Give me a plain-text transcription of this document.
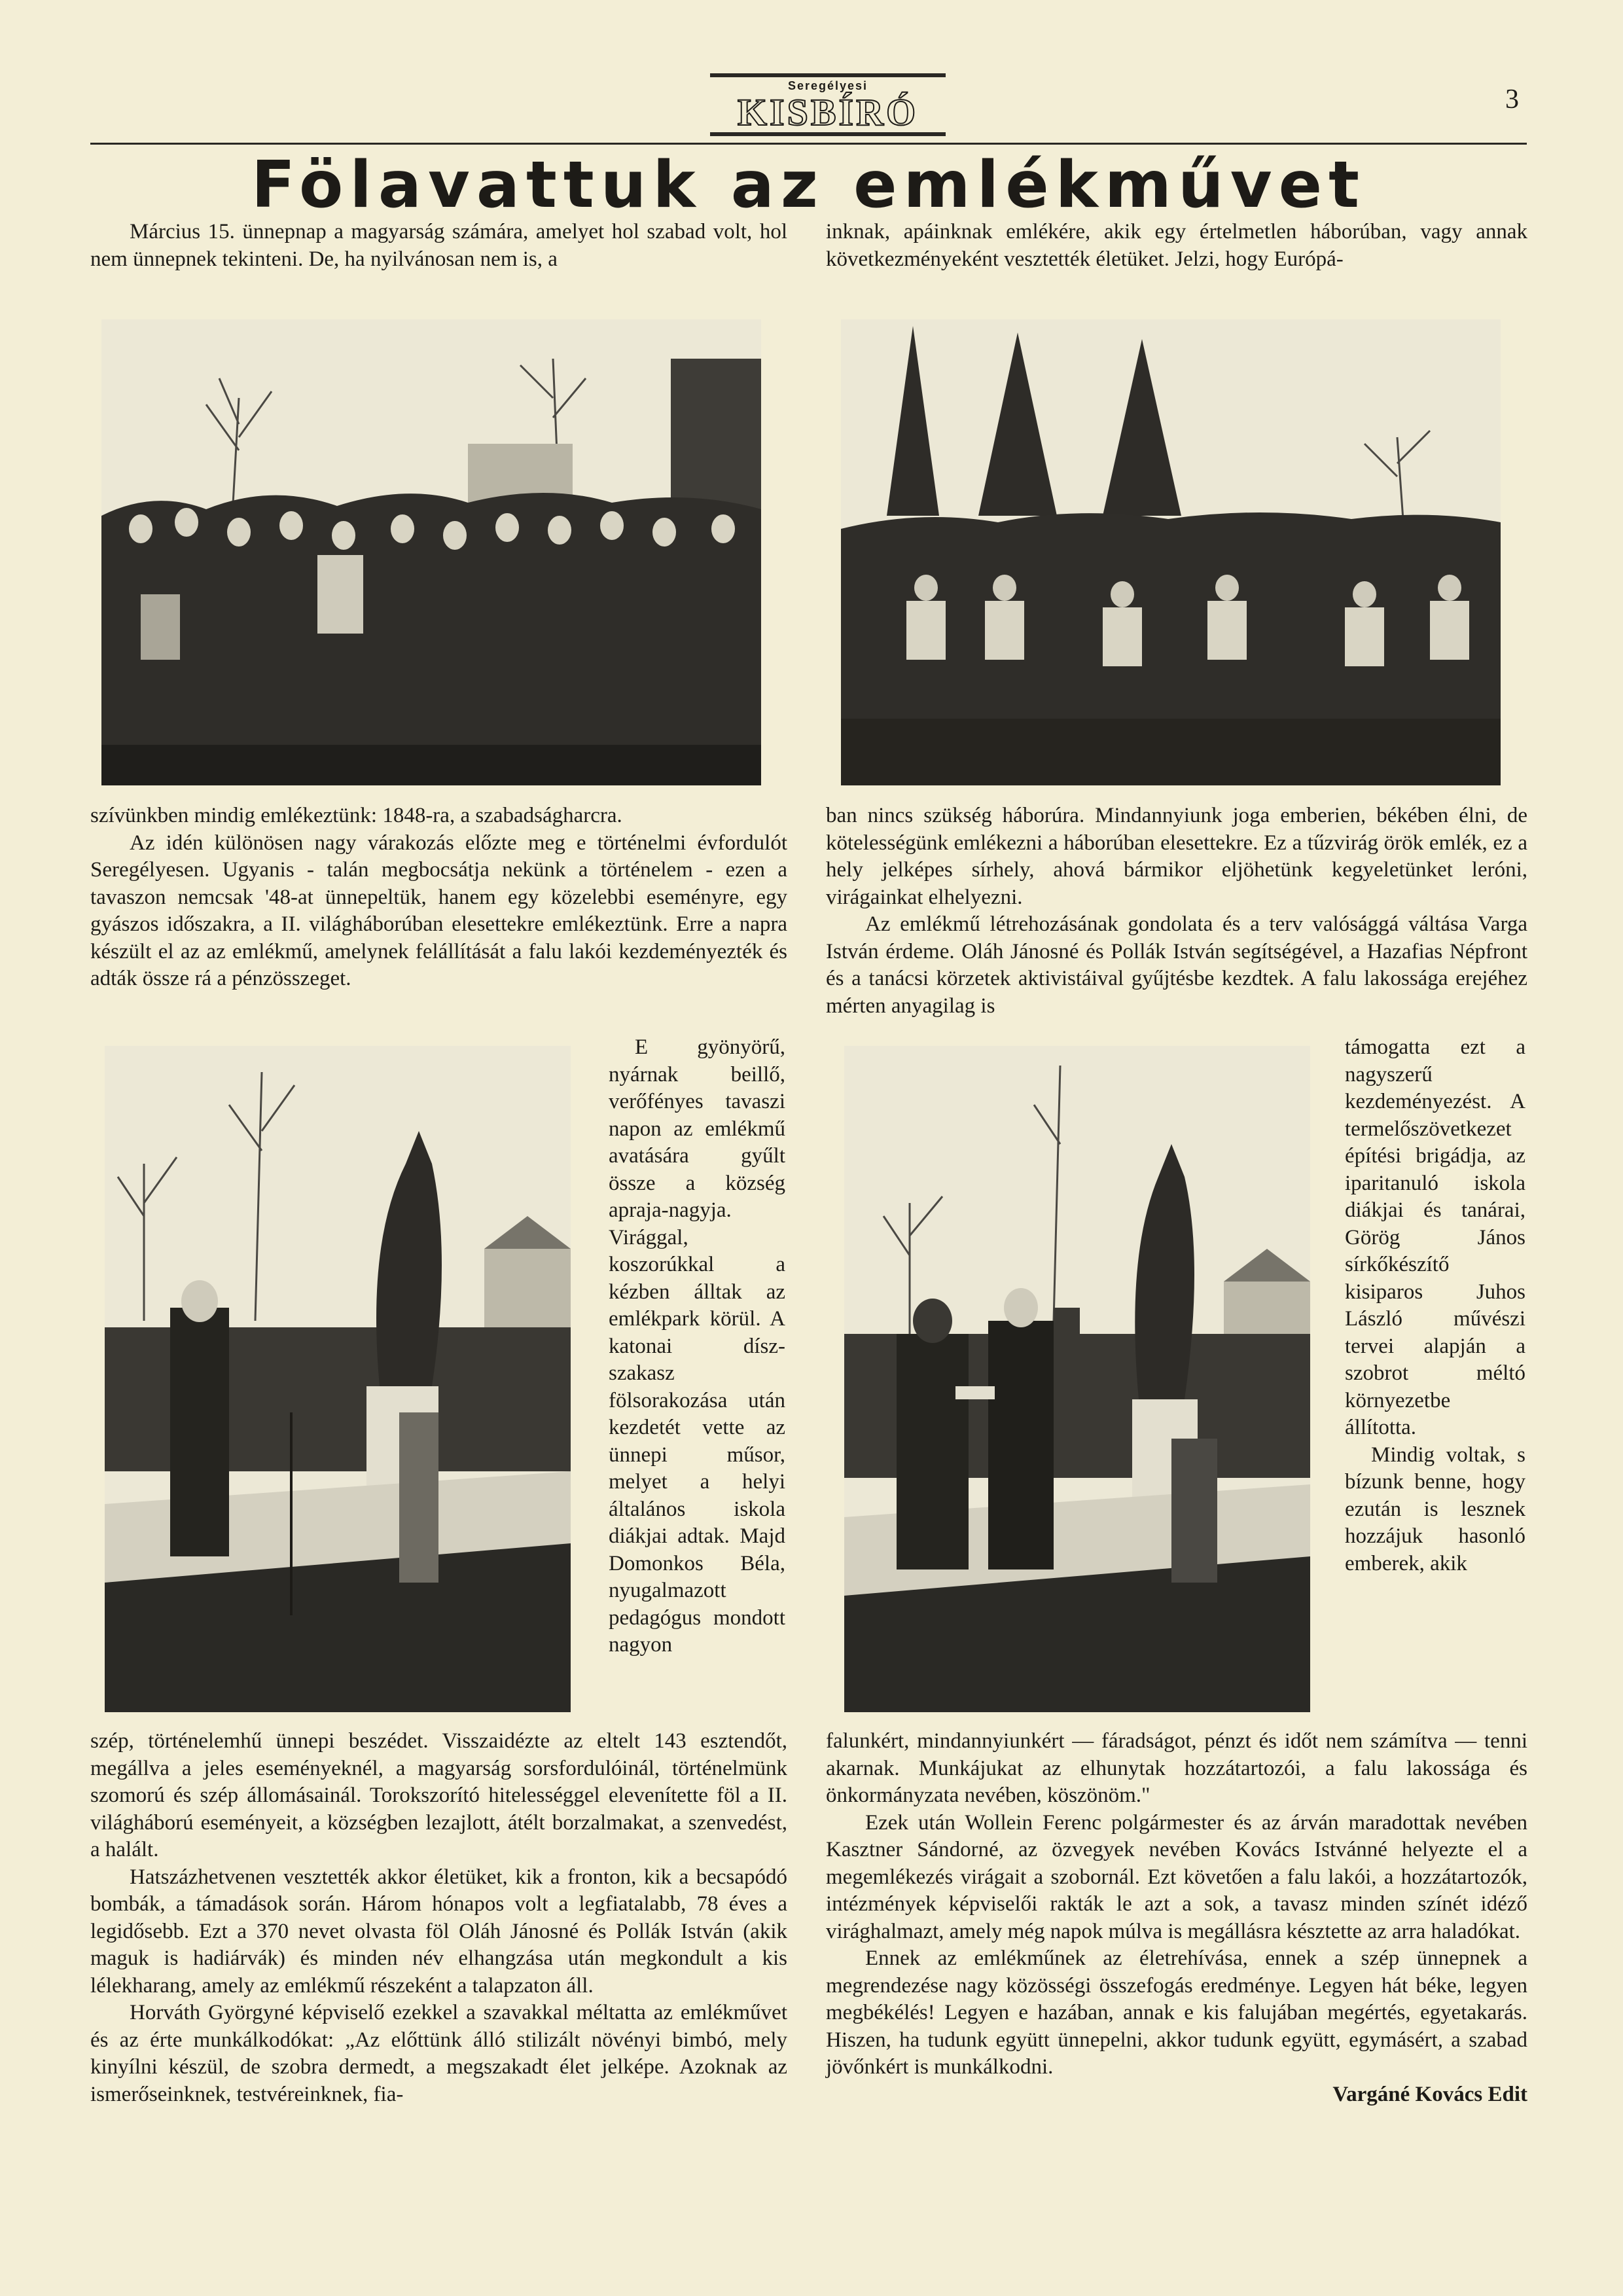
Seregélyesi
KISBÍRÓ	3
Fölavattuk az emlékművet

Március 15. ünnepnap a magyarság számára, amelyet hol szabad volt, hol nem ünnepnek tekinteni. De, ha nyilvánosan nem is, a

inknak, apáinknak emlékére, akik egy értelmetlen háborúban, vagy annak következményeként vesztették életüket. Jelzi, hogy Európá-

szívünkben mindig emlékeztünk: 1848-ra, a szabadságharcra.

Az idén különösen nagy várakozás előzte meg e történelmi évfordulót Seregélyesen. Ugyanis - talán megbocsátja nekünk a történelem - ezen a tavaszon nemcsak '48-at ünnepeltük, hanem egy közelebbi eseményre, egy gyászos időszakra, a II. világháborúban elesettekre emlékeztünk. Erre a napra készült el az az emlékmű, amelynek felállítását a falu lakói kezdeményezték és adták össze rá a pénzösszeget.

E gyönyörű, nyárnak beillő, verőfényes tavaszi napon az emlékmű avatására gyűlt össze a község apraja-nagyja. Virággal, koszorúkkal a kézben álltak az emlékpark körül. A katonai dísz-szakasz fölsorakozása után kezdetét vette az ünnepi műsor, melyet a helyi általános iskola diákjai adtak. Majd Domonkos Béla, nyugalmazott pedagógus mondott nagyon

szép, történelemhű ünnepi beszédet. Visszaidézte az eltelt 143 esztendőt, megállva a jeles eseményeknél, a magyarság sorsfordulóinál, történelmünk szomorú és szép állomásainál. Torokszorító hitelességgel elevenítette föl a II. világháború eseményeit, a községben lezajlott, átélt borzalmakat, a szenvedést, a halált.

Hatszázhetvenen vesztették akkor életüket, kik a fronton, kik a becsapódó bombák, a támadások során. Három hónapos volt a legfiatalabb, 78 éves a legidősebb. Ezt a 370 nevet olvasta föl Oláh Jánosné és Pollák István (akik maguk is hadiárvák) és minden név elhangzása után megkondult a kis lélekharang, amely az emlékmű részeként a talapzaton áll.

Horváth Györgyné képviselő ezekkel a szavakkal méltatta az emlékművet és az érte munkálkodókat: „Az előttünk álló stilizált növényi bimbó, mely kinyílni készül, de szobra dermedt, a megszakadt élet jelképe. Azoknak az ismerőseinknek, testvéreinknek, fia-

ban nincs szükség háborúra. Mindannyiunk joga emberien, békében élni, de kötelességünk emlékezni a háborúban elesettekre. Ez a tűzvirág örök emlék, ez a hely jelképes sírhely, ahová bármikor eljöhetünk kegyeletünket leróni, virágainkat elhelyezni.

Az emlékmű létrehozásának gondolata és a terv valósággá váltása Varga István érdeme. Oláh Jánosné és Pollák István segítségével, a Hazafias Népfront és a tanácsi körzetek aktivistáival gyűjtésbe kezdtek. A falu lakossága erejéhez mérten anyagilag is

támogatta ezt a nagyszerű kezdeményezést. A termelőszövetkezet építési brigádja, az iparitanuló iskola diákjai és tanárai, Görög János sírkőkészítő kisiparos Juhos László művészi tervei alapján a szobrot méltó környezetbe állította.

Mindig voltak, s bízunk benne, hogy ezután is lesznek hozzájuk hasonló emberek, akik

falunkért, mindannyiunkért — fáradságot, pénzt és időt nem számítva — tenni akarnak. Munkájukat az elhunytak hozzátartozói, a falu lakossága és önkormányzata nevében, köszönöm."

Ezek után Wollein Ferenc polgármester és az árván maradottak nevében Kasztner Sándorné, az özvegyek nevében Kovács Istvánné helyezte el a megemlékezés virágait a szobornál. Ezt követően a falu lakói, a hozzátartozók, intézmények képviselői rakták le azt a sok, a tavasz minden színét idéző virághalmazt, amely még napok múlva is megállásra késztette az arra haladókat.

Ennek az emlékműnek az életrehívása, ennek a szép ünnepnek a megrendezése nagy közösségi összefogás eredménye. Legyen hát béke, legyen megbékélés! Legyen e hazában, annak e kis falujában megértés, egyetakarás. Hiszen, ha tudunk együtt ünnepelni, akkor tudunk együtt, egymásért, a szabad jövőnkért is munkálkodni.

Vargáné Kovács Edit
